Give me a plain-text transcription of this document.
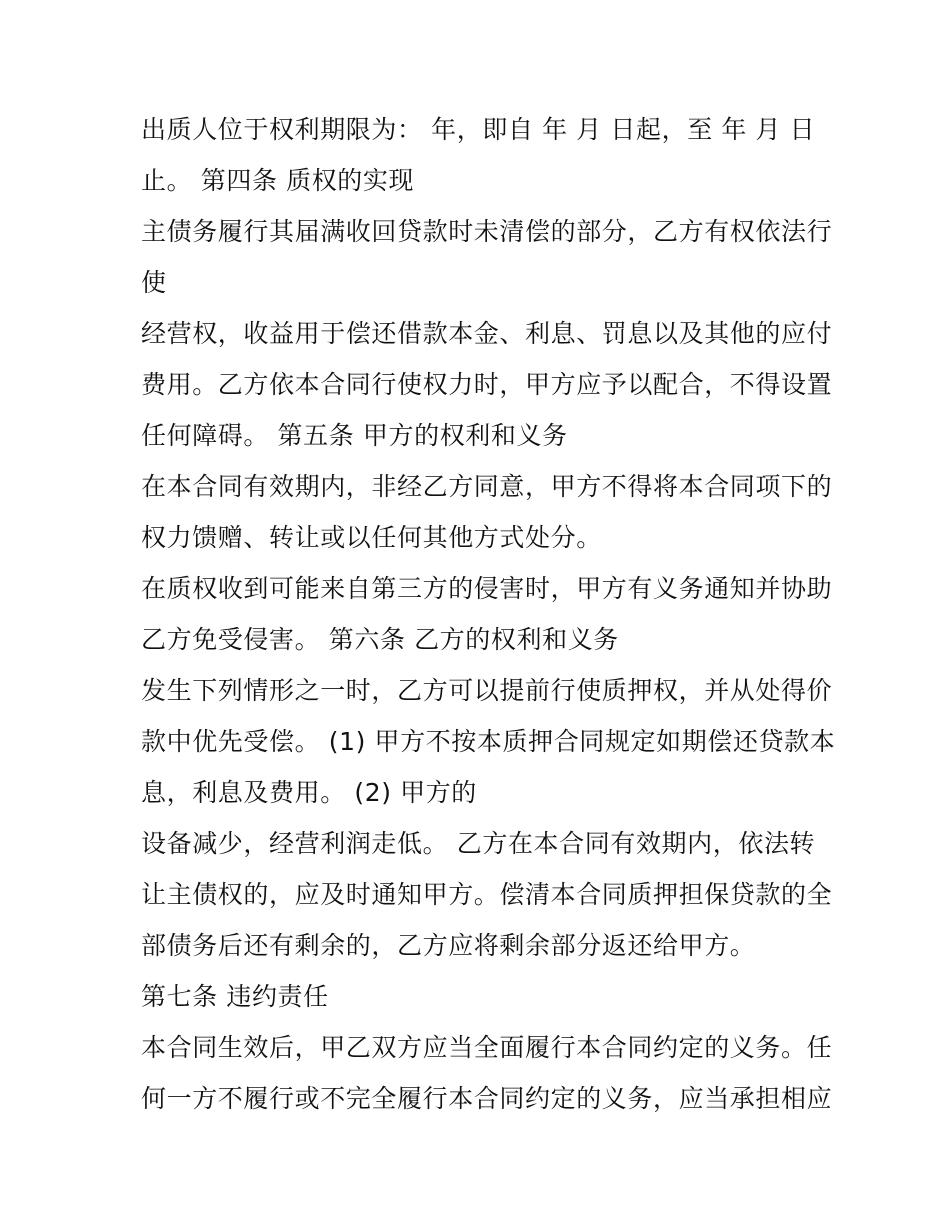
出质人位于权利期限为： 年，即自 年 月 日起，至 年 月 日
止。 第四条 质权的实现
主债务履行其届满收回贷款时未清偿的部分，乙方有权依法行
使
经营权，收益用于偿还借款本金、利息、罚息以及其他的应付
费用。乙方依本合同行使权力时，甲方应予以配合，不得设置
任何障碍。 第五条 甲方的权利和义务
在本合同有效期内，非经乙方同意，甲方不得将本合同项下的
权力馈赠、转让或以任何其他方式处分。
在质权收到可能来自第三方的侵害时，甲方有义务通知并协助
乙方免受侵害。 第六条 乙方的权利和义务
发生下列情形之一时，乙方可以提前行使质押权，并从处得价
款中优先受偿。 (1) 甲方不按本质押合同规定如期偿还贷款本
息，利息及费用。 (2) 甲方的
设备减少，经营利润走低。 乙方在本合同有效期内，依法转
让主债权的，应及时通知甲方。偿清本合同质押担保贷款的全
部债务后还有剩余的，乙方应将剩余部分返还给甲方。
第七条 违约责任
本合同生效后，甲乙双方应当全面履行本合同约定的义务。任
何一方不履行或不完全履行本合同约定的义务，应当承担相应
